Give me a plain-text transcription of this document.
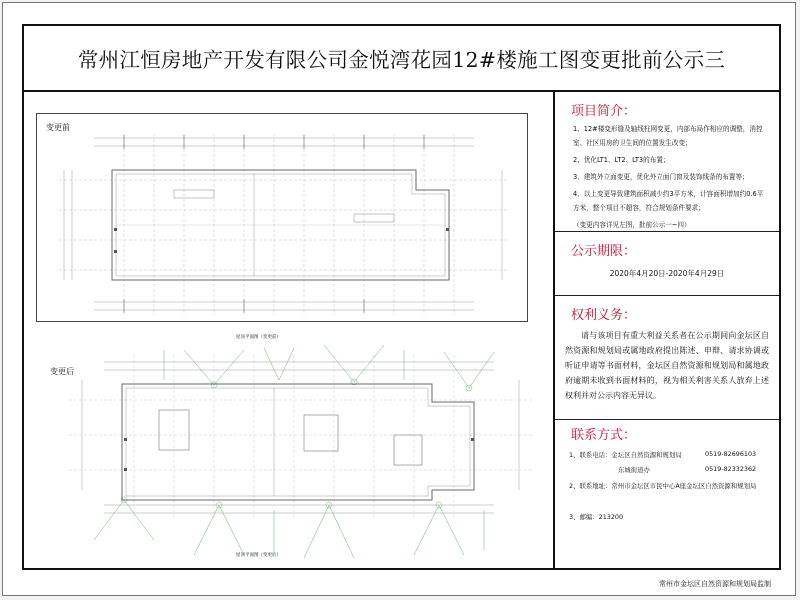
常州江恒房地产开发有限公司金悦湾花园12#楼施工图变更批前公示三
变更前
屋顶平面图（变更前）
变更后
屋顶平面图（变更后）
项目简介：

1、12#楼变形缝及轴线柱网变更，内部布局作相应的调整，消控室、社区用房的卫生间的位置发生改变；

2、优化LT1、LT2、LT3的布置；

3、建筑外立面变更，优化外立面门窗及装饰线条的布置等；

4、以上变更导致建筑面积减少约3平方米，计容面积增加约0.6平方米，整个项目不超容，符合规划条件要求；

（变更内容详见左图，批前公示一~四）

公示期限：
2020年4月20日-2020年4月29日
权利义务：
请与该项目有重大利益关系者在公示期间向金坛区自然资源和规划局或属地政府提出陈述、申辩、请求协调或听证申请等书面材料，金坛区自然资源和规划局和属地政府逾期未收到书面材料的，视为相关利害关系人放弃上述权利并对公示内容无异议。
联系方式：
1、联系电话：金坛区自然资源和规划局	0519-82696103
东城街道办	0519-82332362
2、联系地址：常州市金坛区市民中心A座金坛区自然资源和规划局
3、邮编：213200
常州市金坛区自然资源和规划局监制
